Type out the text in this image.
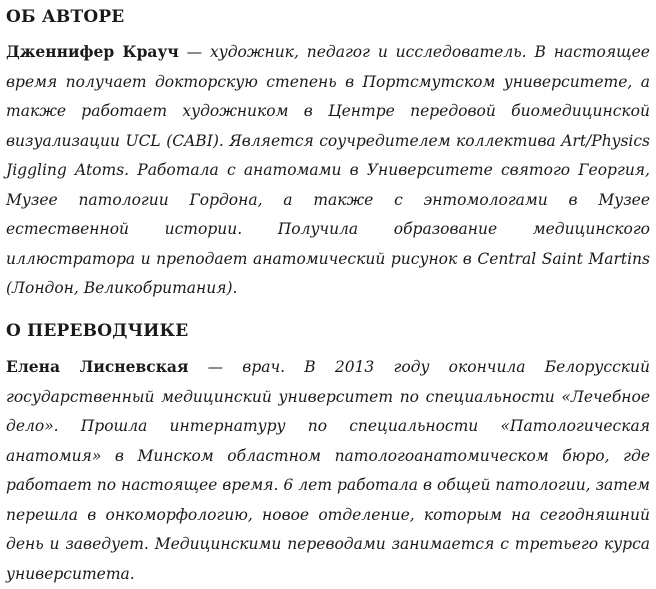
ОБ АВТОРЕ

Дженнифер Крауч — художник, педагог и исследователь. В настоящее время получает докторскую степень в Портсмутском университете, а также работает художником в Центре передовой биомедицинской визуализации UCL (CABI). Является соучредителем коллектива Art/Physics Jiggling Atoms. Работала с анатомами в Университете святого Георгия, Музее патологии Гордона, а также с энтомологами в Музее естественной истории. Получила образование медицинского иллюстратора и преподает анатомический рисунок в Central Saint Martins (Лондон, Великобритания).

О ПЕРЕВОДЧИКЕ

Елена Лисневская — врач. В 2013 году окончила Белорусский государственный медицинский университет по специальности «Лечебное дело». Прошла интернатуру по специальности «Патологическая анатомия» в Минском областном патологоанатомическом бюро, где работает по настоящее время. 6 лет работала в общей патологии, затем перешла в онкоморфологию, новое отделение, которым на сегодняшний день и заведует. Медицинскими переводами занимается с третьего курса университета.
